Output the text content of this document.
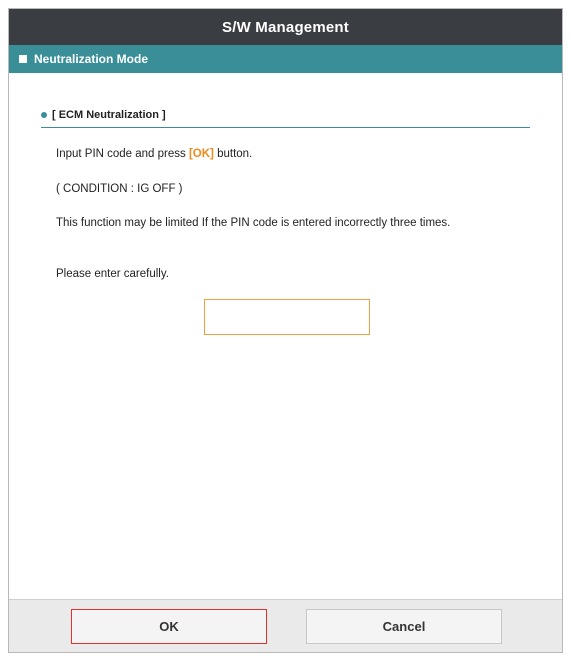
S/W Management
Neutralization Mode
[ ECM Neutralization ]
Input PIN code and press [OK] button.
( CONDITION : IG OFF )
This function may be limited If the PIN code is entered incorrectly three times.
Please enter carefully.
OK	Cancel
